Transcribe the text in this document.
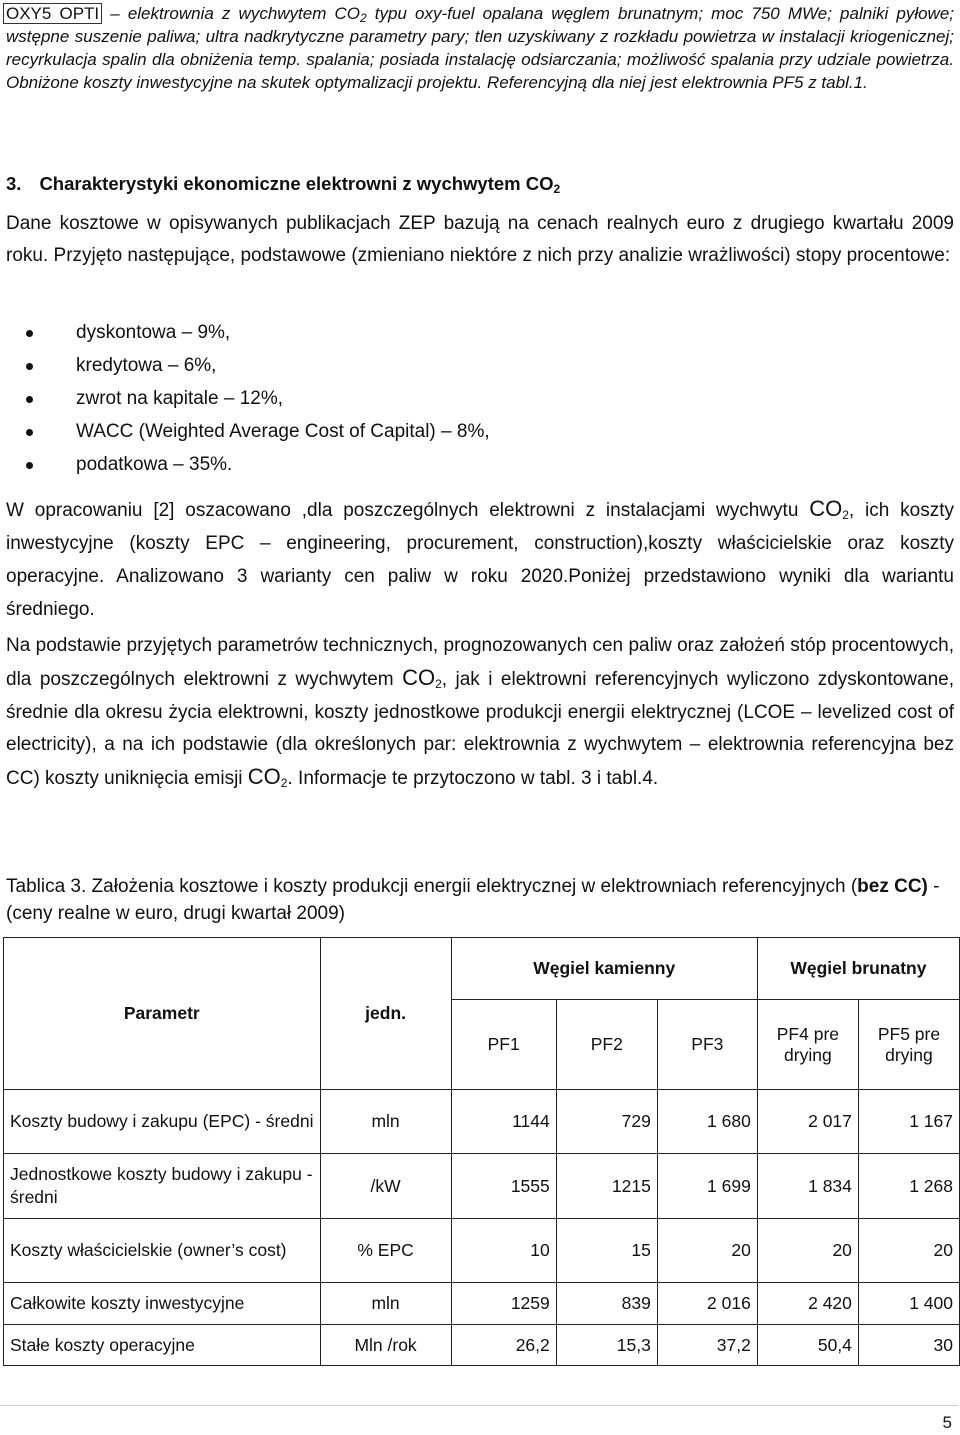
OXY5 OPTI – elektrownia z wychwytem $CO_2$ typu oxy-fuel opalana węglem brunatnym; moc 750 MWe; palniki pyłowe; wstępne suszenie paliwa; ultra nadkrytyczne parametry pary; tlen uzyskiwany z rozkładu powietrza w instalacji kriogenicznej; recyrkulacja spalin dla obniżenia temp. spalania; posiada instalację odsiarczania; możliwość spalania przy udziale powietrza. Obniżone koszty inwestycyjne na skutek optymalizacji projektu. Referencyjną dla niej jest elektrownia PF5 z tabl.1.
3. Charakterystyki ekonomiczne elektrowni z wychwytem $CO_2$
Dane kosztowe w opisywanych publikacjach ZEP bazują na cenach realnych euro z drugiego kwartału 2009 roku. Przyjęto następujące, podstawowe (zmieniano niektóre z nich przy analizie wrażliwości) stopy procentowe:
dyskontowa – 9%,
kredytowa – 6%,
zwrot na kapitale – 12%,
WACC (Weighted Average Cost of Capital) – 8%,
podatkowa – 35%.
W opracowaniu [2] oszacowano ,dla poszczególnych elektrowni z instalacjami wychwytu $CO_2$, ich koszty inwestycyjne (koszty EPC – engineering, procurement, construction),koszty właścicielskie oraz koszty operacyjne. Analizowano 3 warianty cen paliw w roku 2020.Poniżej przedstawiono wyniki dla wariantu średniego.
Na podstawie przyjętych parametrów technicznych, prognozowanych cen paliw oraz założeń stóp procentowych, dla poszczególnych elektrowni z wychwytem $CO_2$, jak i elektrowni referencyjnych wyliczono zdyskontowane, średnie dla okresu życia elektrowni, koszty jednostkowe produkcji energii elektrycznej (LCOE – levelized cost of electricity), a na ich podstawie (dla określonych par: elektrownia z wychwytem – elektrownia referencyjna bez CC) koszty uniknięcia emisji $CO_2$. Informacje te przytoczono w tabl. 3 i tabl.4.
Tablica 3. Założenia kosztowe i koszty produkcji energii elektrycznej w elektrowniach referencyjnych (bez CC) - (ceny realne w euro, drugi kwartał 2009)
Parametr	jedn.	Węgiel kamienny			Węgiel brunatny	
		PF1	PF2	PF3	PF4 pre drying	PF5 pre drying
Koszty budowy i zakupu (EPC) - średni	mln	1144	729	1 680	2 017	1 167
Jednostkowe koszty budowy i zakupu - średni	/kW	1555	1215	1 699	1 834	1 268
Koszty właścicielskie (owner’s cost)	% EPC	10	15	20	20	20
Całkowite koszty inwestycyjne	mln	1259	839	2 016	2 420	1 400
Stałe koszty operacyjne	Mln /rok	26,2	15,3	37,2	50,4	30
5
